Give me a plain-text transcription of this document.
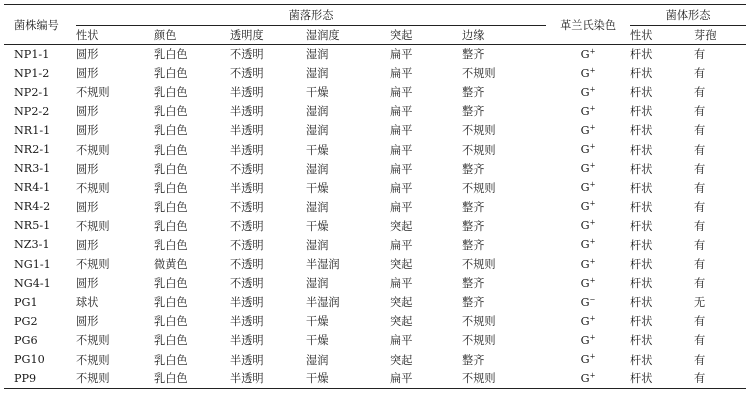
菌株编号	菌落形态						革兰氏染色	菌体形态	
	性状	颜色	透明度	湿润度	突起	边缘		性状	芽孢
NP1-1	圆形	乳白色	不透明	湿润	扁平	整齐	G+	杆状	有
NP1-2	圆形	乳白色	不透明	湿润	扁平	不规则	G+	杆状	有
NP2-1	不规则	乳白色	半透明	干燥	扁平	整齐	G+	杆状	有
NP2-2	圆形	乳白色	半透明	湿润	扁平	整齐	G+	杆状	有
NR1-1	圆形	乳白色	半透明	湿润	扁平	不规则	G+	杆状	有
NR2-1	不规则	乳白色	半透明	干燥	扁平	不规则	G+	杆状	有
NR3-1	圆形	乳白色	不透明	湿润	扁平	整齐	G+	杆状	有
NR4-1	不规则	乳白色	半透明	干燥	扁平	不规则	G+	杆状	有
NR4-2	圆形	乳白色	不透明	湿润	扁平	整齐	G+	杆状	有
NR5-1	不规则	乳白色	不透明	干燥	突起	整齐	G+	杆状	有
NZ3-1	圆形	乳白色	不透明	湿润	扁平	整齐	G+	杆状	有
NG1-1	不规则	微黄色	不透明	半湿润	突起	不规则	G+	杆状	有
NG4-1	圆形	乳白色	不透明	湿润	扁平	整齐	G+	杆状	有
PG1	球状	乳白色	半透明	半湿润	突起	整齐	G−	杆状	无
PG2	圆形	乳白色	半透明	干燥	突起	不规则	G+	杆状	有
PG6	不规则	乳白色	半透明	干燥	扁平	不规则	G+	杆状	有
PG10	不规则	乳白色	半透明	湿润	突起	整齐	G+	杆状	有
PP9	不规则	乳白色	半透明	干燥	扁平	不规则	G+	杆状	有
